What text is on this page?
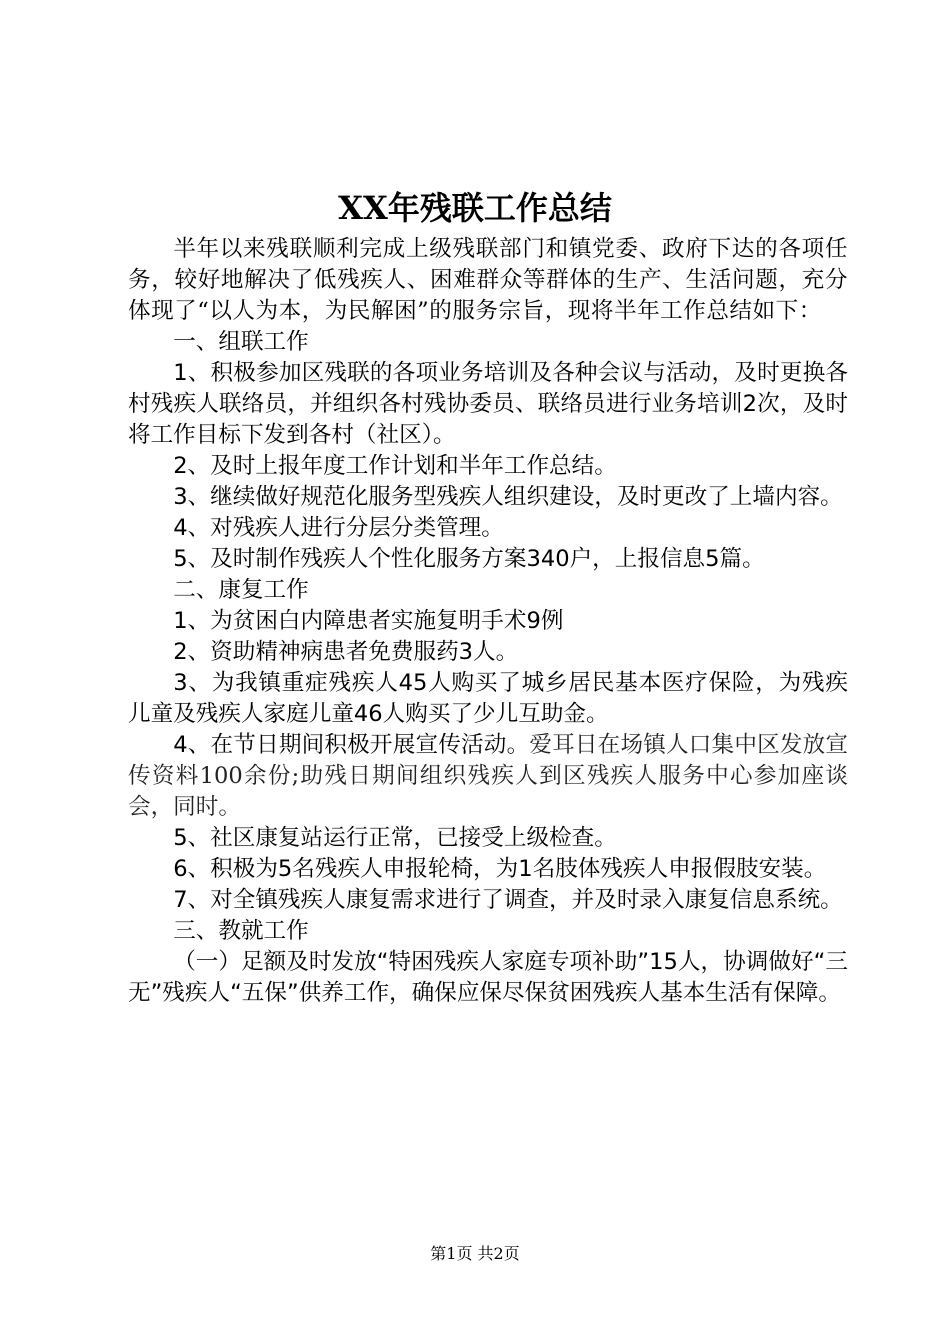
XX年残联工作总结

半年以来残联顺利完成上级残联部门和镇党委、政府下达的各项任务，较好地解决了低残疾人、困难群众等群体的生产、生活问题，充分体现了“以人为本，为民解困”的服务宗旨，现将半年工作总结如下：

一、组联工作

1、积极参加区残联的各项业务培训及各种会议与活动，及时更换各村残疾人联络员，并组织各村残协委员、联络员进行业务培训2次，及时将工作目标下发到各村（社区）。

2、及时上报年度工作计划和半年工作总结。

3、继续做好规范化服务型残疾人组织建设，及时更改了上墙内容。

4、对残疾人进行分层分类管理。

5、及时制作残疾人个性化服务方案340户，上报信息5篇。

二、康复工作

1、为贫困白内障患者实施复明手术9例

2、资助精神病患者免费服药3人。

3、为我镇重症残疾人45人购买了城乡居民基本医疗保险，为残疾儿童及残疾人家庭儿童46人购买了少儿互助金。

4、在节日期间积极开展宣传活动。爱耳日在场镇人口集中区发放宣传资料100余份;助残日期间组织残疾人到区残疾人服务中心参加座谈会，同时。

5、社区康复站运行正常，已接受上级检查。

6、积极为5名残疾人申报轮椅，为1名肢体残疾人申报假肢安装。

7、对全镇残疾人康复需求进行了调查，并及时录入康复信息系统。

三、教就工作

（一）足额及时发放“特困残疾人家庭专项补助”15人，协调做好“三无”残疾人“五保”供养工作，确保应保尽保贫困残疾人基本生活有保障。

第1页 共2页
